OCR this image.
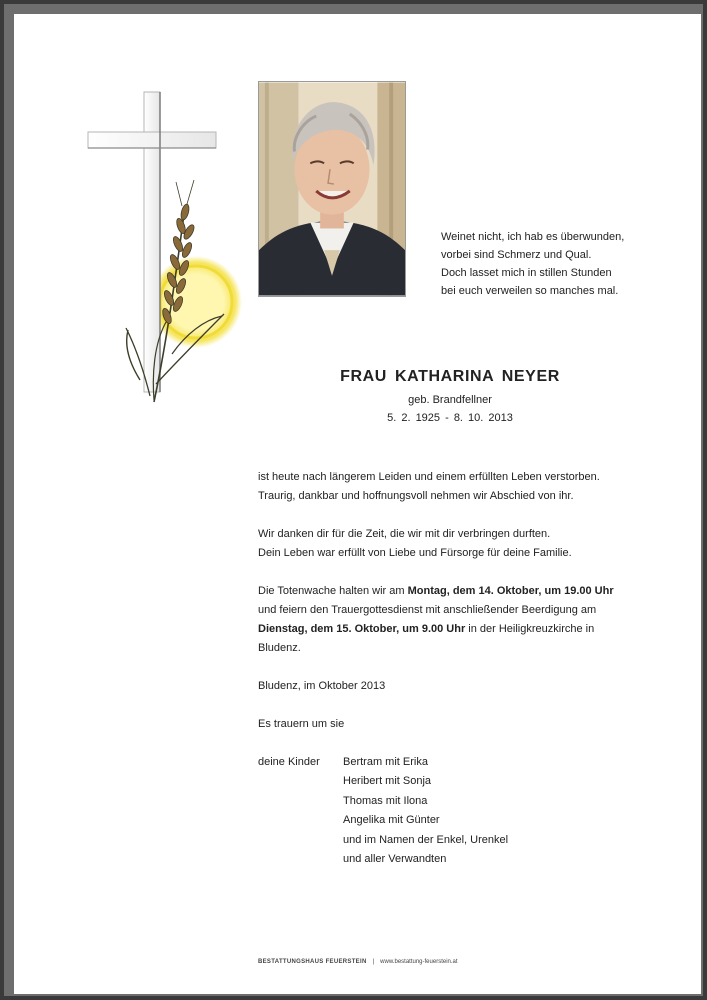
Weinet nicht, ich hab es überwunden,
vorbei sind Schmerz und Qual.
Doch lasset mich in stillen Stunden
bei euch verweilen so manches mal.
FRAU KATHARINA NEYER
geb. Brandfellner
5. 2. 1925 - 8. 10. 2013
ist heute nach längerem Leiden und einem erfüllten Leben verstorben.
Traurig, dankbar und hoffnungsvoll nehmen wir Abschied von ihr.
Wir danken dir für die Zeit, die wir mit dir verbringen durften.
Dein Leben war erfüllt von Liebe und Fürsorge für deine Familie.
Die Totenwache halten wir am Montag, dem 14. Oktober, um 19.00 Uhr
und feiern den Trauergottesdienst mit anschließender Beerdigung am
Dienstag, dem 15. Oktober, um 9.00 Uhr in der Heiligkreuzkirche in
Bludenz.
Bludenz, im Oktober 2013
Es trauern um sie
deine Kinder Bertram mit Erika
Heribert mit Sonja
Thomas mit Ilona
Angelika mit Günter
und im Namen der Enkel, Urenkel
und aller Verwandten
BESTATTUNGSHAUS FEUERSTEIN | www.bestattung-feuerstein.at
